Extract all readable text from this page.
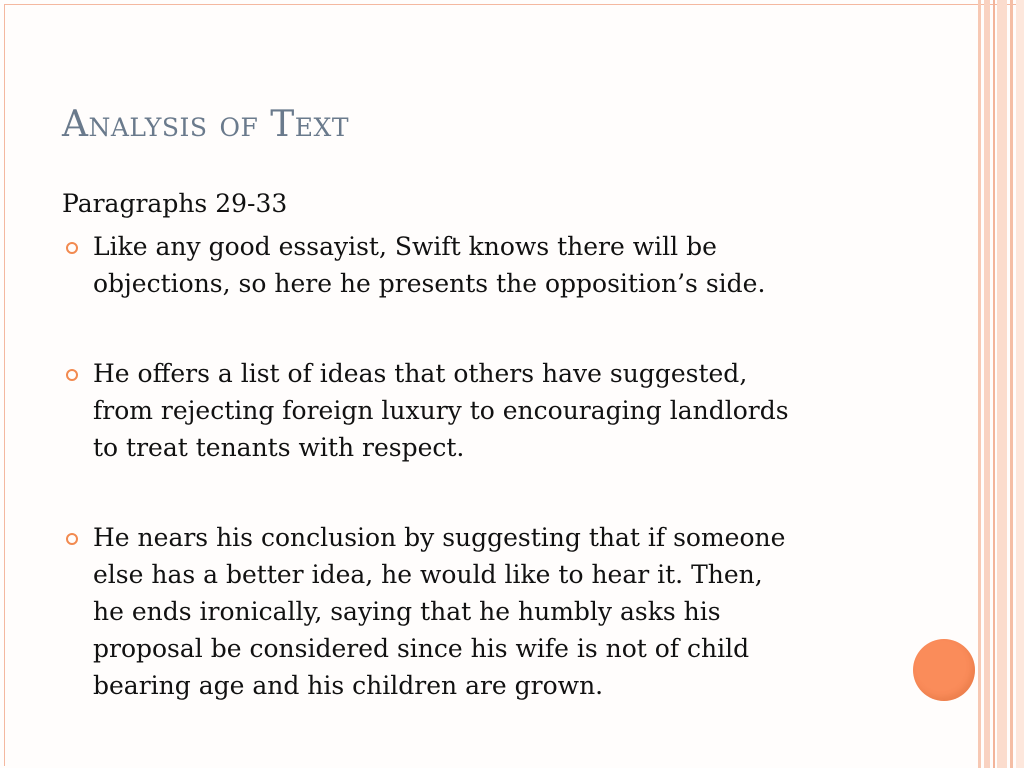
Analysis of Text

Paragraphs 29-33

Like any good essayist, Swift knows there will be
objections, so here he presents the opposition’s side.

He offers a list of ideas that others have suggested,
from rejecting foreign luxury to encouraging landlords
to treat tenants with respect.

He nears his conclusion by suggesting that if someone
else has a better idea, he would like to hear it. Then,
he ends ironically, saying that he humbly asks his
proposal be considered since his wife is not of child
bearing age and his children are grown.
